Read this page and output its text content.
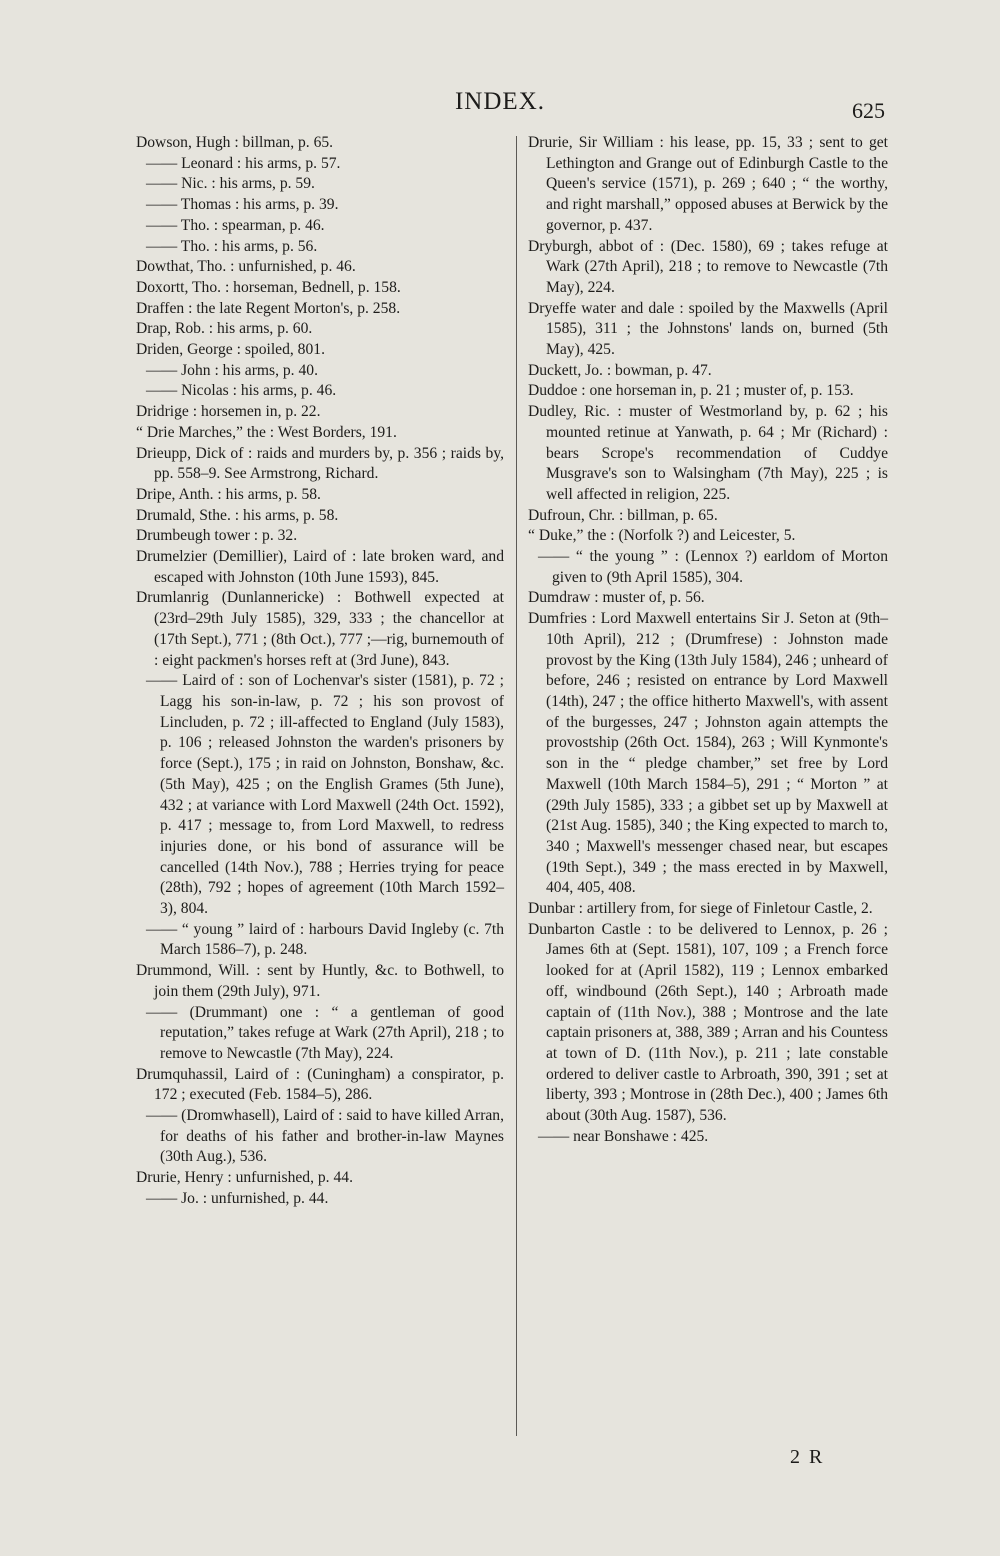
INDEX.	625

Dowson, Hugh : billman, p. 65.

—— Leonard : his arms, p. 57.

—— Nic. : his arms, p. 59.

—— Thomas : his arms, p. 39.

—— Tho. : spearman, p. 46.

—— Tho. : his arms, p. 56.

Dowthat, Tho. : unfurnished, p. 46.

Doxortt, Tho. : horseman, Bednell, p. 158.

Draffen : the late Regent Morton's, p. 258.

Drap, Rob. : his arms, p. 60.

Driden, George : spoiled, 801.

—— John : his arms, p. 40.

—— Nicolas : his arms, p. 46.

Dridrige : horsemen in, p. 22.

“ Drie Marches,” the : West Borders, 191.

Drieupp, Dick of : raids and murders by, p. 356 ; raids by, pp. 558–9. See Armstrong, Richard.

Dripe, Anth. : his arms, p. 58.

Drumald, Sthe. : his arms, p. 58.

Drumbeugh tower : p. 32.

Drumelzier (Demillier), Laird of : late broken ward, and escaped with Johnston (10th June 1593), 845.

Drumlanrig (Dunlannericke) : Bothwell expected at (23rd–29th July 1585), 329, 333 ; the chancellor at (17th Sept.), 771 ; (8th Oct.), 777 ;—rig, burnemouth of : eight packmen's horses reft at (3rd June), 843.

—— Laird of : son of Lochenvar's sister (1581), p. 72 ; Lagg his son-in-law, p. 72 ; his son provost of Lincluden, p. 72 ; ill-affected to England (July 1583), p. 106 ; released Johnston the warden's prisoners by force (Sept.), 175 ; in raid on Johnston, Bonshaw, &c. (5th May), 425 ; on the English Grames (5th June), 432 ; at variance with Lord Maxwell (24th Oct. 1592), p. 417 ; message to, from Lord Maxwell, to redress injuries done, or his bond of assurance will be cancelled (14th Nov.), 788 ; Herries trying for peace (28th), 792 ; hopes of agreement (10th March 1592–3), 804.

—— “ young ” laird of : harbours David Ingleby (c. 7th March 1586–7), p. 248.

Drummond, Will. : sent by Huntly, &c. to Bothwell, to join them (29th July), 971.

—— (Drummant) one : “ a gentleman of good reputation,” takes refuge at Wark (27th April), 218 ; to remove to Newcastle (7th May), 224.

Drumquhassil, Laird of : (Cuningham) a conspirator, p. 172 ; executed (Feb. 1584–5), 286.

—— (Dromwhasell), Laird of : said to have killed Arran, for deaths of his father and brother-in-law Maynes (30th Aug.), 536.

Drurie, Henry : unfurnished, p. 44.

—— Jo. : unfurnished, p. 44.

Drurie, Sir William : his lease, pp. 15, 33 ; sent to get Lethington and Grange out of Edinburgh Castle to the Queen's service (1571), p. 269 ; 640 ; “ the worthy, and right marshall,” opposed abuses at Berwick by the governor, p. 437.

Dryburgh, abbot of : (Dec. 1580), 69 ; takes refuge at Wark (27th April), 218 ; to remove to Newcastle (7th May), 224.

Dryeffe water and dale : spoiled by the Maxwells (April 1585), 311 ; the Johnstons' lands on, burned (5th May), 425.

Duckett, Jo. : bowman, p. 47.

Duddoe : one horseman in, p. 21 ; muster of, p. 153.

Dudley, Ric. : muster of Westmorland by, p. 62 ; his mounted retinue at Yanwath, p. 64 ; Mr (Richard) : bears Scrope's recommendation of Cuddye Musgrave's son to Walsingham (7th May), 225 ; is well affected in religion, 225.

Dufroun, Chr. : billman, p. 65.

“ Duke,” the : (Norfolk ?) and Leicester, 5.

—— “ the young ” : (Lennox ?) earldom of Morton given to (9th April 1585), 304.

Dumdraw : muster of, p. 56.

Dumfries : Lord Maxwell entertains Sir J. Seton at (9th–10th April), 212 ; (Drumfrese) : Johnston made provost by the King (13th July 1584), 246 ; unheard of before, 246 ; resisted on entrance by Lord Maxwell (14th), 247 ; the office hitherto Maxwell's, with assent of the burgesses, 247 ; Johnston again attempts the provostship (26th Oct. 1584), 263 ; Will Kynmonte's son in the “ pledge chamber,” set free by Lord Maxwell (10th March 1584–5), 291 ; “ Morton ” at (29th July 1585), 333 ; a gibbet set up by Maxwell at (21st Aug. 1585), 340 ; the King expected to march to, 340 ; Maxwell's messenger chased near, but escapes (19th Sept.), 349 ; the mass erected in by Maxwell, 404, 405, 408.

Dunbar : artillery from, for siege of Finletour Castle, 2.

Dunbarton Castle : to be delivered to Lennox, p. 26 ; James 6th at (Sept. 1581), 107, 109 ; a French force looked for at (April 1582), 119 ; Lennox embarked off, windbound (26th Sept.), 140 ; Arbroath made captain of (11th Nov.), 388 ; Montrose and the late captain prisoners at, 388, 389 ; Arran and his Countess at town of D. (11th Nov.), p. 211 ; late constable ordered to deliver castle to Arbroath, 390, 391 ; set at liberty, 393 ; Montrose in (28th Dec.), 400 ; James 6th about (30th Aug. 1587), 536.

—— near Bonshawe : 425.

2 R
